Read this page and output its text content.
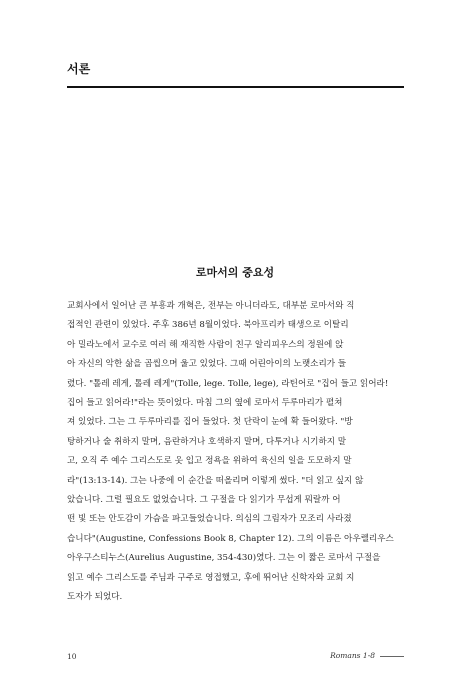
서론
로마서의 중요성
교회사에서 일어난 큰 부흥과 개혁은, 전부는 아니더라도, 대부분 로마서와 직
접적인 관련이 있었다. 주후 386년 8월이었다. 북아프리카 태생으로 이탈리
아 밀라노에서 교수로 여러 해 재직한 사람이 친구 알리피우스의 정원에 앉
아 자신의 악한 삶을 곱씹으며 울고 있었다. 그때 어린아이의 노랫소리가 들
렸다. "톨레 레게, 톨레 레게"(Tolle, lege. Tolle, lege), 라틴어로 "집어 들고 읽어라!
집어 들고 읽어라!"라는 뜻이었다. 마침 그의 옆에 로마서 두루마리가 펼쳐
져 있었다. 그는 그 두루마리를 집어 들었다. 첫 단락이 눈에 확 들어왔다. "방
탕하거나 술 취하지 말며, 음란하거나 호색하지 말며, 다투거나 시기하지 말
고, 오직 주 예수 그리스도로 옷 입고 정욕을 위하여 육신의 일을 도모하지 말
라"(13:13-14). 그는 나중에 이 순간을 떠올리며 이렇게 썼다. "더 읽고 싶지 않
았습니다. 그럴 필요도 없었습니다. 그 구절을 다 읽기가 무섭게 뭐랄까 어
떤 빛 또는 안도감이 가슴을 파고들었습니다. 의심의 그림자가 모조리 사라졌
습니다"(Augustine, Confessions Book 8, Chapter 12). 그의 이름은 아우렐리우스
아우구스티누스(Aurelius Augustine, 354-430)였다. 그는 이 짧은 로마서 구절을
읽고 예수 그리스도를 주님과 구주로 영접했고, 후에 뛰어난 신학자와 교회 지
도자가 되었다.
10	Romans 1-8
